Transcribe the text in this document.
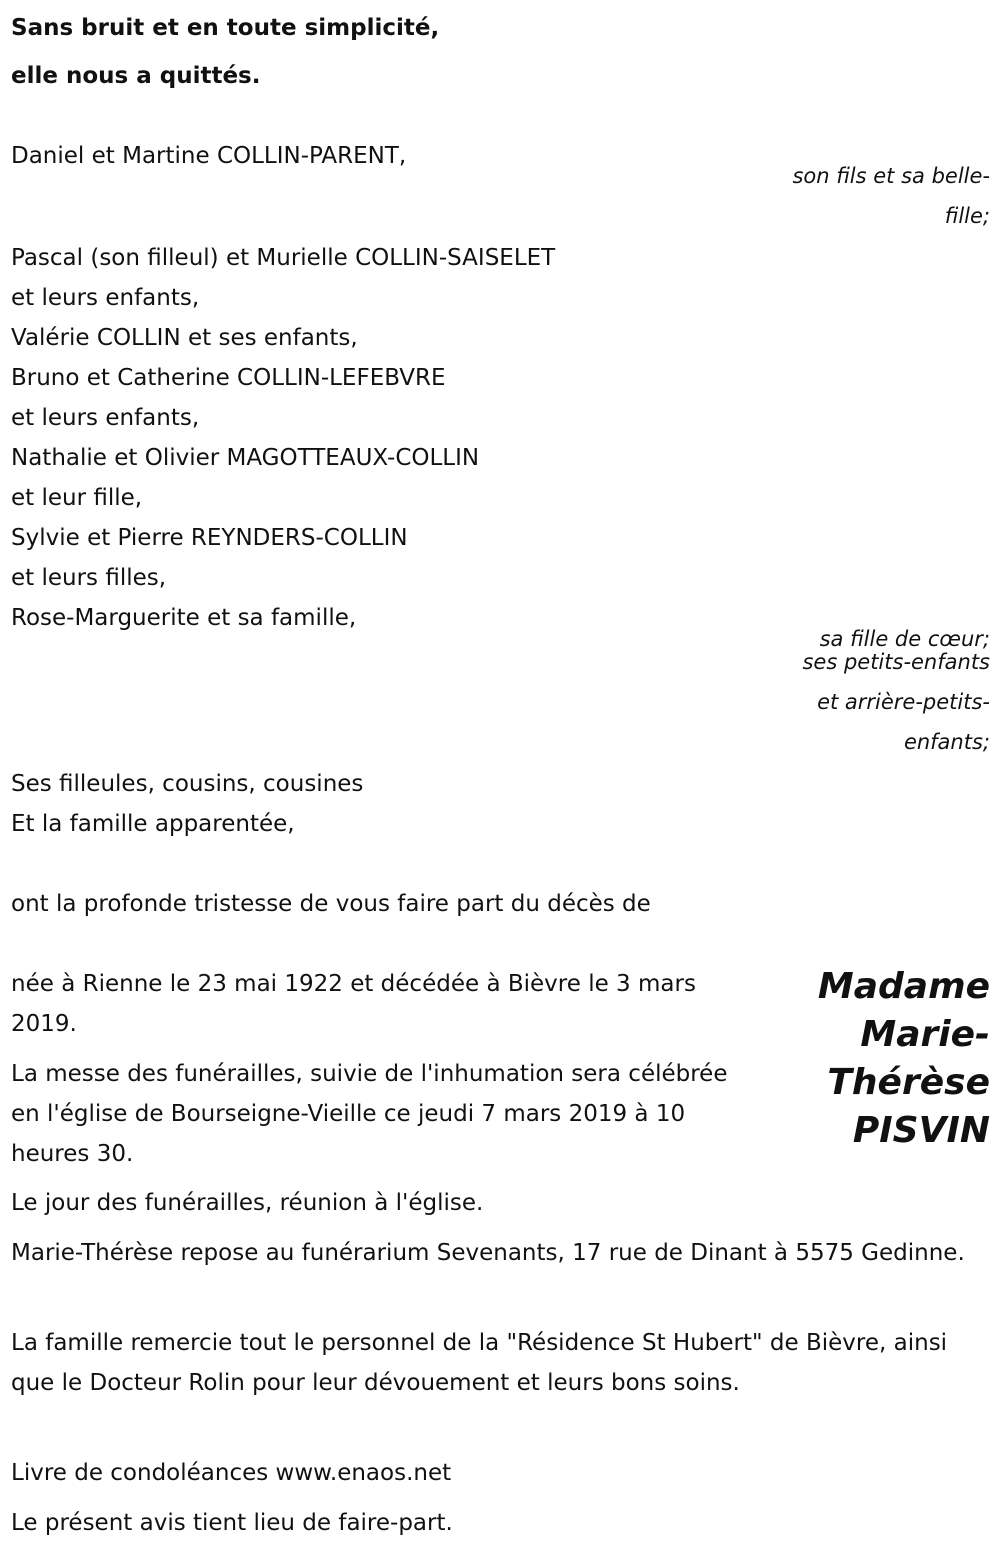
Sans bruit et en toute simplicité,
elle nous a quittés.
Daniel et Martine COLLIN-PARENT,
son fils et sa belle-
fille;
Pascal (son filleul) et Murielle COLLIN-SAISELET
et leurs enfants,
Valérie COLLIN et ses enfants,
Bruno et Catherine COLLIN-LEFEBVRE
et leurs enfants,
Nathalie et Olivier MAGOTTEAUX-COLLIN
et leur fille,
Sylvie et Pierre REYNDERS-COLLIN
et leurs filles,
Rose-Marguerite et sa famille,
sa fille de cœur;
ses petits-enfants
et arrière-petits-
enfants;
Ses filleules, cousins, cousines
Et la famille apparentée,
ont la profonde tristesse de vous faire part du décès de
Madame
Marie-
Thérèse
PISVIN
née à Rienne le 23 mai 1922 et décédée à Bièvre le 3 mars 2019.
La messe des funérailles, suivie de l'inhumation sera célébrée en l'église de Bourseigne-Vieille ce jeudi 7 mars 2019 à 10 heures 30.
Le jour des funérailles, réunion à l'église.
Marie-Thérèse repose au funérarium Sevenants, 17 rue de Dinant à 5575 Gedinne.
La famille remercie tout le personnel de la "Résidence St Hubert" de Bièvre, ainsi que le Docteur Rolin pour leur dévouement et leurs bons soins.
Livre de condoléances www.enaos.net
Le présent avis tient lieu de faire-part.
